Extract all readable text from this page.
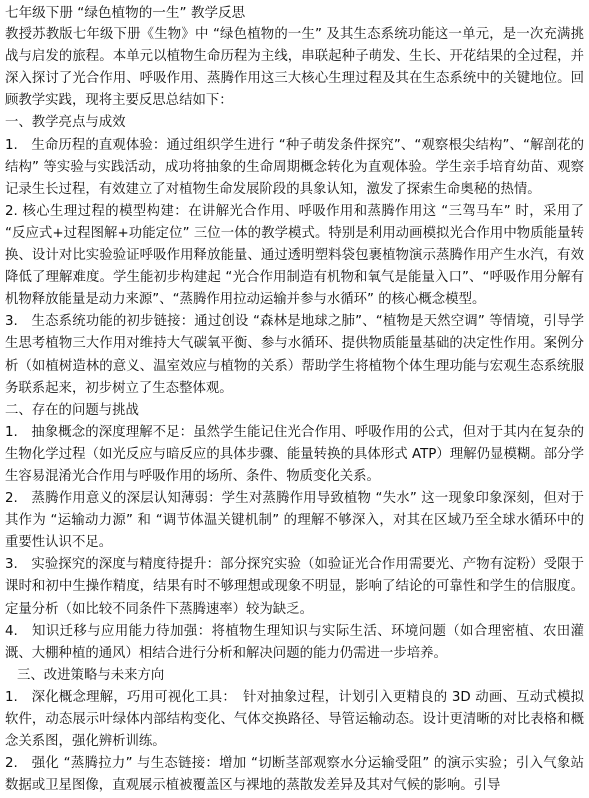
七年级下册 “绿色植物的一生” 教学反思

教授苏教版七年级下册《生物》中 “绿色植物的一生” 及其生态系统功能这一单元，是一次充满挑战与启发的旅程。本单元以植物生命历程为主线，串联起种子萌发、生长、开花结果的全过程，并深入探讨了光合作用、呼吸作用、蒸腾作用这三大核心生理过程及其在生态系统中的关键地位。回顾教学实践，现将主要反思总结如下：

一、教学亮点与成效

1.　生命历程的直观体验：通过组织学生进行 “种子萌发条件探究”、“观察根尖结构”、“解剖花的结构” 等实验与实践活动，成功将抽象的生命周期概念转化为直观体验。学生亲手培育幼苗、观察记录生长过程，有效建立了对植物生命发展阶段的具象认知，激发了探索生命奥秘的热情。

2. 核心生理过程的模型构建：在讲解光合作用、呼吸作用和蒸腾作用这 “三驾马车” 时，采用了 “反应式+过程图解+功能定位” 三位一体的教学模式。特别是利用动画模拟光合作用中物质能量转换、设计对比实验验证呼吸作用释放能量、通过透明塑料袋包裹植物演示蒸腾作用产生水汽，有效降低了理解难度。学生能初步构建起 “光合作用制造有机物和氧气是能量入口”、“呼吸作用分解有机物释放能量是动力来源”、“蒸腾作用拉动运输并参与水循环” 的核心概念模型。

3.　生态系统功能的初步链接：通过创设 “森林是地球之肺”、“植物是天然空调” 等情境，引导学生思考植物三大作用对维持大气碳氧平衡、参与水循环、提供物质能量基础的决定性作用。案例分析（如植树造林的意义、温室效应与植物的关系）帮助学生将植物个体生理功能与宏观生态系统服务联系起来，初步树立了生态整体观。

二、存在的问题与挑战

1.　抽象概念的深度理解不足：虽然学生能记住光合作用、呼吸作用的公式，但对于其内在复杂的生物化学过程（如光反应与暗反应的具体步骤、能量转换的具体形式 ATP）理解仍显模糊。部分学生容易混淆光合作用与呼吸作用的场所、条件、物质变化关系。

2.　蒸腾作用意义的深层认知薄弱：学生对蒸腾作用导致植物 “失水” 这一现象印象深刻，但对于其作为 “运输动力源” 和 “调节体温关键机制” 的理解不够深入，对其在区域乃至全球水循环中的重要性认识不足。

3.　实验探究的深度与精度待提升：部分探究实验（如验证光合作用需要光、产物有淀粉）受限于课时和初中生操作精度，结果有时不够理想或现象不明显，影响了结论的可靠性和学生的信服度。定量分析（如比较不同条件下蒸腾速率）较为缺乏。

4.　知识迁移与应用能力待加强：将植物生理知识与实际生活、环境问题（如合理密植、农田灌溉、大棚种植的通风）相结合进行分析和解决问题的能力仍需进一步培养。

三、改进策略与未来方向

1.　深化概念理解，巧用可视化工具：　针对抽象过程，计划引入更精良的 3D 动画、互动式模拟软件，动态展示叶绿体内部结构变化、气体交换路径、导管运输动态。设计更清晰的对比表格和概念关系图，强化辨析训练。

2.　强化 “蒸腾拉力” 与生态链接：增加 “切断茎部观察水分运输受阻” 的演示实验；引入气象站数据或卫星图像，直观展示植被覆盖区与裸地的蒸散发差异及其对气候的影响。引导
